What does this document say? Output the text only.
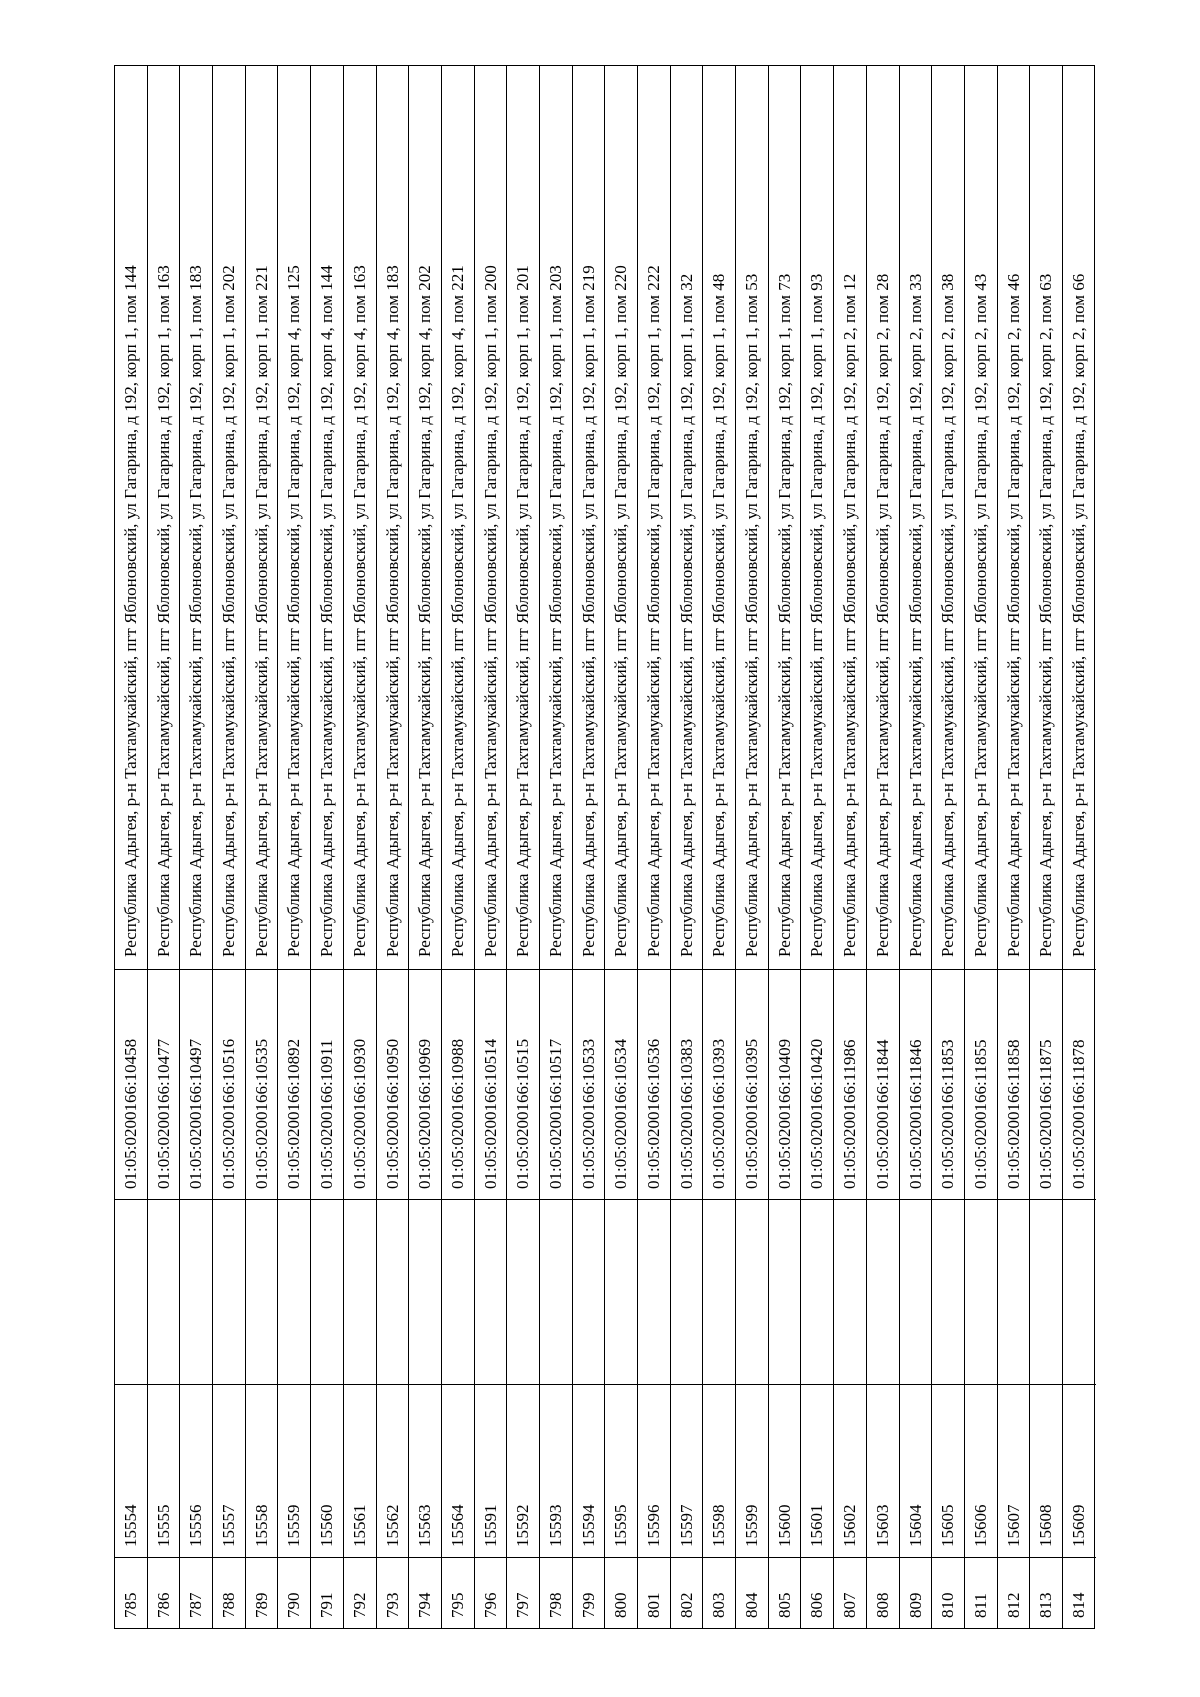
785
15554
01:05:0200166:10458
Республика Адыгея, р-н Тахтамукайский, пгт Яблоновский, ул Гагарина, д 192, корп 1, пом 144
786
15555
01:05:0200166:10477
Республика Адыгея, р-н Тахтамукайский, пгт Яблоновский, ул Гагарина, д 192, корп 1, пом 163
787
15556
01:05:0200166:10497
Республика Адыгея, р-н Тахтамукайский, пгт Яблоновский, ул Гагарина, д 192, корп 1, пом 183
788
15557
01:05:0200166:10516
Республика Адыгея, р-н Тахтамукайский, пгт Яблоновский, ул Гагарина, д 192, корп 1, пом 202
789
15558
01:05:0200166:10535
Республика Адыгея, р-н Тахтамукайский, пгт Яблоновский, ул Гагарина, д 192, корп 1, пом 221
790
15559
01:05:0200166:10892
Республика Адыгея, р-н Тахтамукайский, пгт Яблоновский, ул Гагарина, д 192, корп 4, пом 125
791
15560
01:05:0200166:10911
Республика Адыгея, р-н Тахтамукайский, пгт Яблоновский, ул Гагарина, д 192, корп 4, пом 144
792
15561
01:05:0200166:10930
Республика Адыгея, р-н Тахтамукайский, пгт Яблоновский, ул Гагарина, д 192, корп 4, пом 163
793
15562
01:05:0200166:10950
Республика Адыгея, р-н Тахтамукайский, пгт Яблоновский, ул Гагарина, д 192, корп 4, пом 183
794
15563
01:05:0200166:10969
Республика Адыгея, р-н Тахтамукайский, пгт Яблоновский, ул Гагарина, д 192, корп 4, пом 202
795
15564
01:05:0200166:10988
Республика Адыгея, р-н Тахтамукайский, пгт Яблоновский, ул Гагарина, д 192, корп 4, пом 221
796
15591
01:05:0200166:10514
Республика Адыгея, р-н Тахтамукайский, пгт Яблоновский, ул Гагарина, д 192, корп 1, пом 200
797
15592
01:05:0200166:10515
Республика Адыгея, р-н Тахтамукайский, пгт Яблоновский, ул Гагарина, д 192, корп 1, пом 201
798
15593
01:05:0200166:10517
Республика Адыгея, р-н Тахтамукайский, пгт Яблоновский, ул Гагарина, д 192, корп 1, пом 203
799
15594
01:05:0200166:10533
Республика Адыгея, р-н Тахтамукайский, пгт Яблоновский, ул Гагарина, д 192, корп 1, пом 219
800
15595
01:05:0200166:10534
Республика Адыгея, р-н Тахтамукайский, пгт Яблоновский, ул Гагарина, д 192, корп 1, пом 220
801
15596
01:05:0200166:10536
Республика Адыгея, р-н Тахтамукайский, пгт Яблоновский, ул Гагарина, д 192, корп 1, пом 222
802
15597
01:05:0200166:10383
Республика Адыгея, р-н Тахтамукайский, пгт Яблоновский, ул Гагарина, д 192, корп 1, пом 32
803
15598
01:05:0200166:10393
Республика Адыгея, р-н Тахтамукайский, пгт Яблоновский, ул Гагарина, д 192, корп 1, пом 48
804
15599
01:05:0200166:10395
Республика Адыгея, р-н Тахтамукайский, пгт Яблоновский, ул Гагарина, д 192, корп 1, пом 53
805
15600
01:05:0200166:10409
Республика Адыгея, р-н Тахтамукайский, пгт Яблоновский, ул Гагарина, д 192, корп 1, пом 73
806
15601
01:05:0200166:10420
Республика Адыгея, р-н Тахтамукайский, пгт Яблоновский, ул Гагарина, д 192, корп 1, пом 93
807
15602
01:05:0200166:11986
Республика Адыгея, р-н Тахтамукайский, пгт Яблоновский, ул Гагарина, д 192, корп 2, пом 12
808
15603
01:05:0200166:11844
Республика Адыгея, р-н Тахтамукайский, пгт Яблоновский, ул Гагарина, д 192, корп 2, пом 28
809
15604
01:05:0200166:11846
Республика Адыгея, р-н Тахтамукайский, пгт Яблоновский, ул Гагарина, д 192, корп 2, пом 33
810
15605
01:05:0200166:11853
Республика Адыгея, р-н Тахтамукайский, пгт Яблоновский, ул Гагарина, д 192, корп 2, пом 38
811
15606
01:05:0200166:11855
Республика Адыгея, р-н Тахтамукайский, пгт Яблоновский, ул Гагарина, д 192, корп 2, пом 43
812
15607
01:05:0200166:11858
Республика Адыгея, р-н Тахтамукайский, пгт Яблоновский, ул Гагарина, д 192, корп 2, пом 46
813
15608
01:05:0200166:11875
Республика Адыгея, р-н Тахтамукайский, пгт Яблоновский, ул Гагарина, д 192, корп 2, пом 63
814
15609
01:05:0200166:11878
Республика Адыгея, р-н Тахтамукайский, пгт Яблоновский, ул Гагарина, д 192, корп 2, пом 66
